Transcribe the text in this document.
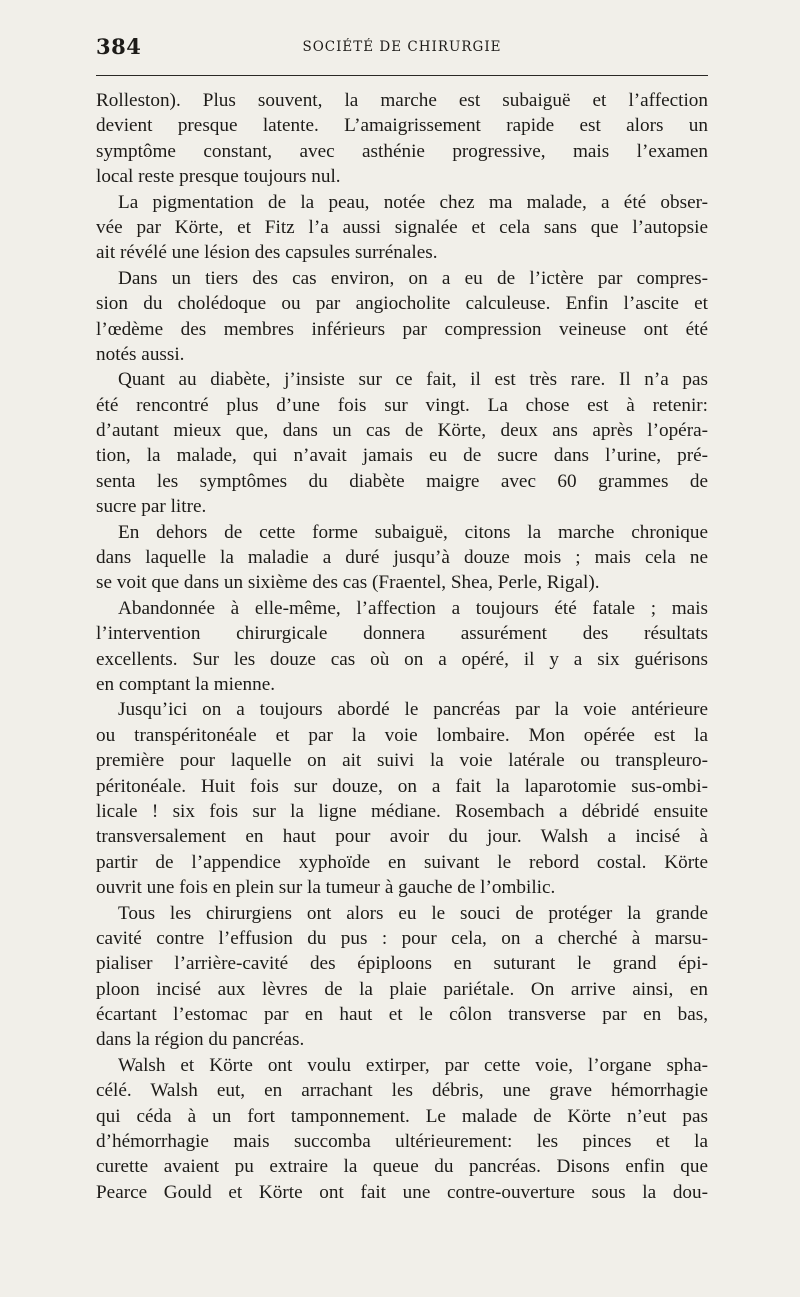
384	SOCIÉTÉ DE CHIRURGIE
Rolleston). Plus souvent, la marche est subaiguë et l’affection
devient presque latente. L’amaigrissement rapide est alors un
symptôme constant, avec asthénie progressive, mais l’examen
local reste presque toujours nul.
La pigmentation de la peau, notée chez ma malade, a été obser-
vée par Körte, et Fitz l’a aussi signalée et cela sans que l’autopsie
ait révélé une lésion des capsules surrénales.
Dans un tiers des cas environ, on a eu de l’ictère par compres-
sion du cholédoque ou par angiocholite calculeuse. Enfin l’ascite et
l’œdème des membres inférieurs par compression veineuse ont été
notés aussi.
Quant au diabète, j’insiste sur ce fait, il est très rare. Il n’a pas
été rencontré plus d’une fois sur vingt. La chose est à retenir:
d’autant mieux que, dans un cas de Körte, deux ans après l’opéra-
tion, la malade, qui n’avait jamais eu de sucre dans l’urine, pré-
senta les symptômes du diabète maigre avec 60 grammes de
sucre par litre.
En dehors de cette forme subaiguë, citons la marche chronique
dans laquelle la maladie a duré jusqu’à douze mois ; mais cela ne
se voit que dans un sixième des cas (Fraentel, Shea, Perle, Rigal).
Abandonnée à elle-même, l’affection a toujours été fatale ; mais
l’intervention chirurgicale donnera assurément des résultats
excellents. Sur les douze cas où on a opéré, il y a six guérisons
en comptant la mienne.
Jusqu’ici on a toujours abordé le pancréas par la voie antérieure
ou transpéritonéale et par la voie lombaire. Mon opérée est la
première pour laquelle on ait suivi la voie latérale ou transpleuro-
péritonéale. Huit fois sur douze, on a fait la laparotomie sus-ombi-
licale ! six fois sur la ligne médiane. Rosembach a débridé ensuite
transversalement en haut pour avoir du jour. Walsh a incisé à
partir de l’appendice xyphoïde en suivant le rebord costal. Körte
ouvrit une fois en plein sur la tumeur à gauche de l’ombilic.
Tous les chirurgiens ont alors eu le souci de protéger la grande
cavité contre l’effusion du pus : pour cela, on a cherché à marsu-
pialiser l’arrière-cavité des épiploons en suturant le grand épi-
ploon incisé aux lèvres de la plaie pariétale. On arrive ainsi, en
écartant l’estomac par en haut et le côlon transverse par en bas,
dans la région du pancréas.
Walsh et Körte ont voulu extirper, par cette voie, l’organe spha-
célé. Walsh eut, en arrachant les débris, une grave hémorrhagie
qui céda à un fort tamponnement. Le malade de Körte n’eut pas
d’hémorrhagie mais succomba ultérieurement: les pinces et la
curette avaient pu extraire la queue du pancréas. Disons enfin que
Pearce Gould et Körte ont fait une contre-ouverture sous la dou-
